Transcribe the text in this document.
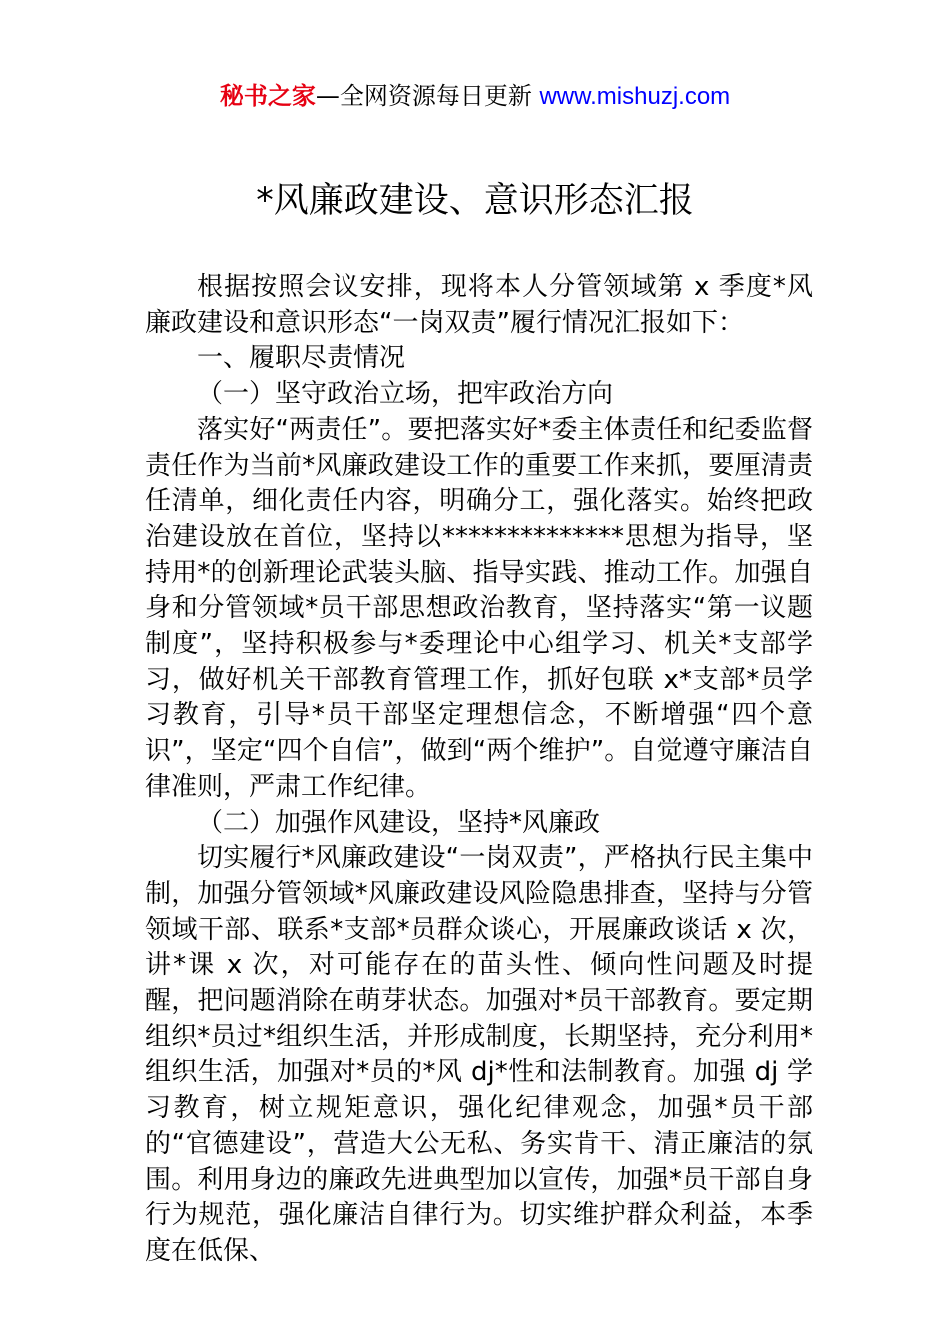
秘书之家—全网资源每日更新 www.mishuzj.com
*风廉政建设、意识形态汇报

根据按照会议安排，现将本人分管领域第 x 季度*风廉政建设和意识形态“一岗双责”履行情况汇报如下：

一、履职尽责情况

（一）坚守政治立场，把牢政治方向

落实好“两责任”。要把落实好*委主体责任和纪委监督责任作为当前*风廉政建设工作的重要工作来抓，要厘清责任清单，细化责任内容，明确分工，强化落实。始终把政治建设放在首位，坚持以**************思想为指导，坚持用*的创新理论武装头脑、指导实践、推动工作。加强自身和分管领域*员干部思想政治教育，坚持落实“第一议题制度”，坚持积极参与*委理论中心组学习、机关*支部学习，做好机关干部教育管理工作，抓好包联 x*支部*员学习教育，引导*员干部坚定理想信念，不断增强“四个意识”，坚定“四个自信”，做到“两个维护”。自觉遵守廉洁自律准则，严肃工作纪律。

（二）加强作风建设，坚持*风廉政

切实履行*风廉政建设“一岗双责”，严格执行民主集中制，加强分管领域*风廉政建设风险隐患排查，坚持与分管领域干部、联系*支部*员群众谈心，开展廉政谈话 x 次，讲*课 x 次，对可能存在的苗头性、倾向性问题及时提醒，把问题消除在萌芽状态。加强对*员干部教育。要定期组织*员过*组织生活，并形成制度，长期坚持，充分利用*组织生活，加强对*员的*风 dj*性和法制教育。加强 dj 学习教育，树立规矩意识，强化纪律观念，加强*员干部的“官德建设”，营造大公无私、务实肯干、清正廉洁的氛围。利用身边的廉政先进典型加以宣传，加强*员干部自身行为规范，强化廉洁自律行为。切实维护群众利益，本季度在低保、
